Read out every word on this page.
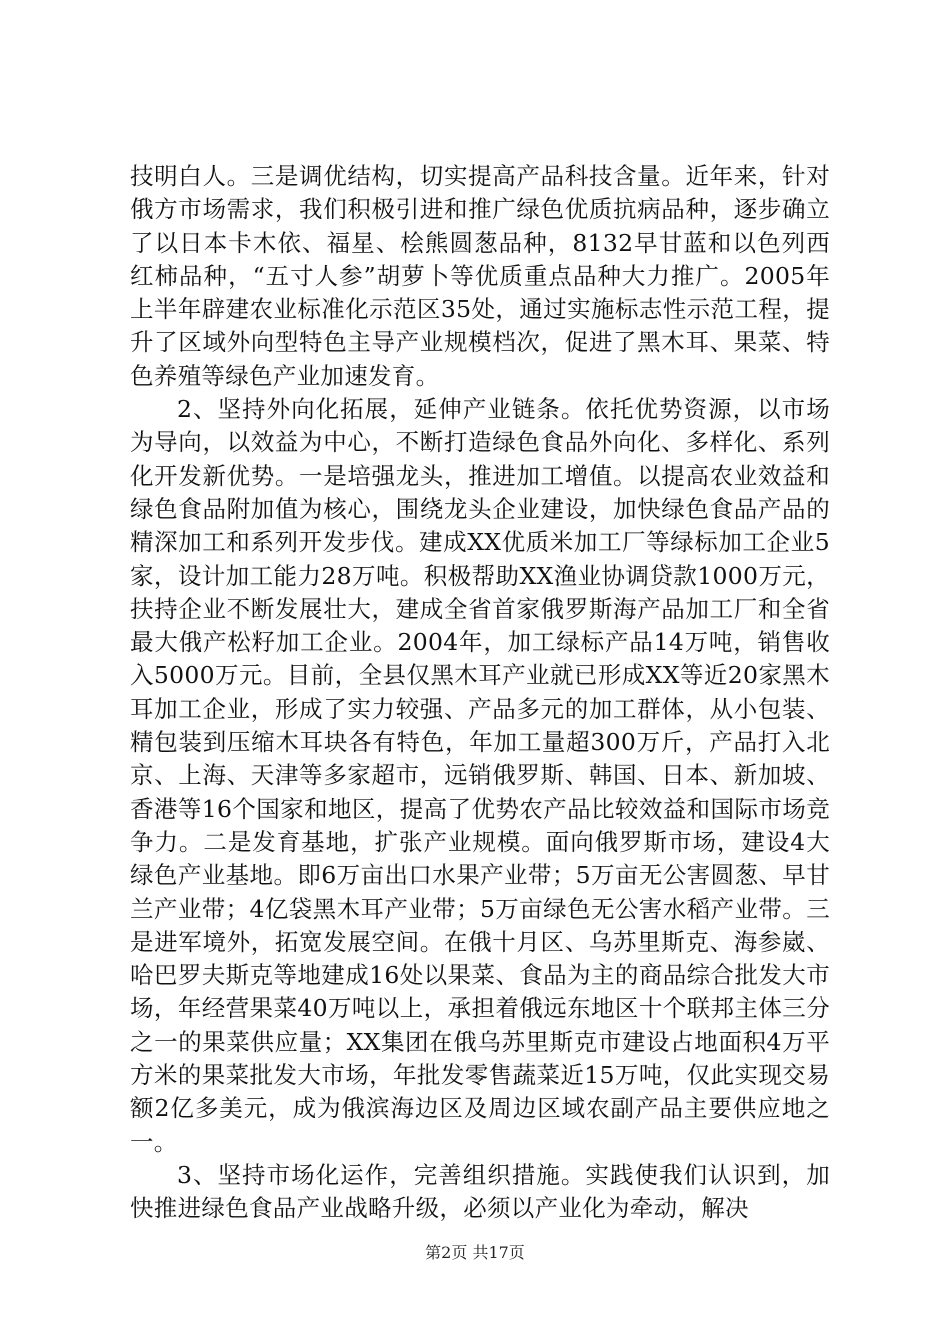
技明白人。三是调优结构，切实提高产品科技含量。近年来，针对俄方市场需求，我们积极引进和推广绿色优质抗病品种，逐步确立了以日本卡木依、福星、桧熊圆葱品种，8132早甘蓝和以色列西红柿品种，“五寸人参”胡萝卜等优质重点品种大力推广。2005年上半年辟建农业标准化示范区35处，通过实施标志性示范工程，提升了区域外向型特色主导产业规模档次，促进了黑木耳、果菜、特色养殖等绿色产业加速发育。

2、坚持外向化拓展，延伸产业链条。依托优势资源，以市场为导向，以效益为中心，不断打造绿色食品外向化、多样化、系列化开发新优势。一是培强龙头，推进加工增值。以提高农业效益和绿色食品附加值为核心，围绕龙头企业建设，加快绿色食品产品的精深加工和系列开发步伐。建成XX优质米加工厂等绿标加工企业5家，设计加工能力28万吨。积极帮助XX渔业协调贷款1000万元，扶持企业不断发展壮大，建成全省首家俄罗斯海产品加工厂和全省最大俄产松籽加工企业。2004年，加工绿标产品14万吨，销售收入5000万元。目前，全县仅黑木耳产业就已形成XX等近20家黑木耳加工企业，形成了实力较强、产品多元的加工群体，从小包装、精包装到压缩木耳块各有特色，年加工量超300万斤，产品打入北京、上海、天津等多家超市，远销俄罗斯、韩国、日本、新加坡、香港等16个国家和地区，提高了优势农产品比较效益和国际市场竞争力。二是发育基地，扩张产业规模。面向俄罗斯市场，建设4大绿色产业基地。即6万亩出口水果产业带；5万亩无公害圆葱、早甘兰产业带；4亿袋黑木耳产业带；5万亩绿色无公害水稻产业带。三是进军境外，拓宽发展空间。在俄十月区、乌苏里斯克、海参崴、哈巴罗夫斯克等地建成16处以果菜、食品为主的商品综合批发大市场，年经营果菜40万吨以上，承担着俄远东地区十个联邦主体三分之一的果菜供应量；XX集团在俄乌苏里斯克市建设占地面积4万平方米的果菜批发大市场，年批发零售蔬菜近15万吨，仅此实现交易额2亿多美元，成为俄滨海边区及周边区域农副产品主要供应地之一。

3、坚持市场化运作，完善组织措施。实践使我们认识到，加快推进绿色食品产业战略升级，必须以产业化为牵动，解决

第2页 共17页
